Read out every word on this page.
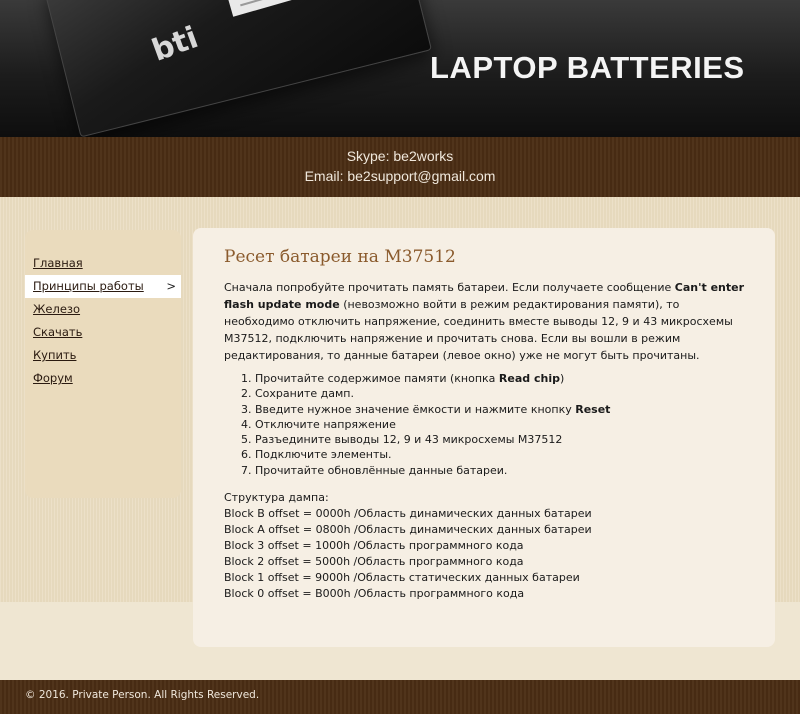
bti	LAPTOP BATTERIES
Skype: be2works
Email: be2support@gmail.com
Главная
Принципы работы >
Железо
Скачать
Купить
Форум
Ресет батареи на M37512

Сначала попробуйте прочитать память батареи. Если получаете сообщение Can't enter flash update mode (невозможно войти в режим редактирования памяти), то необходимо отключить напряжение, соединить вместе выводы 12, 9 и 43 микросхемы M37512, подключить напряжение и прочитать снова. Если вы вошли в режим редактирования, то данные батареи (левое окно) уже не могут быть прочитаны.

1. Прочитайте содержимое памяти (кнопка Read chip)
2. Сохраните дамп.
3. Введите нужное значение ёмкости и нажмите кнопку Reset
4. Отключите напряжение
5. Разъедините выводы 12, 9 и 43 микросхемы M37512
6. Подключите элементы.
7. Прочитайте обновлённые данные батареи.
Структура дампа:
Block B offset = 0000h /Область динамических данных батареи
Block A offset = 0800h /Область динамических данных батареи
Block 3 offset = 1000h /Область программного кода
Block 2 offset = 5000h /Область программного кода
Block 1 offset = 9000h /Область статических данных батареи
Block 0 offset = B000h /Область программного кода
© 2016. Private Person. All Rights Reserved.
